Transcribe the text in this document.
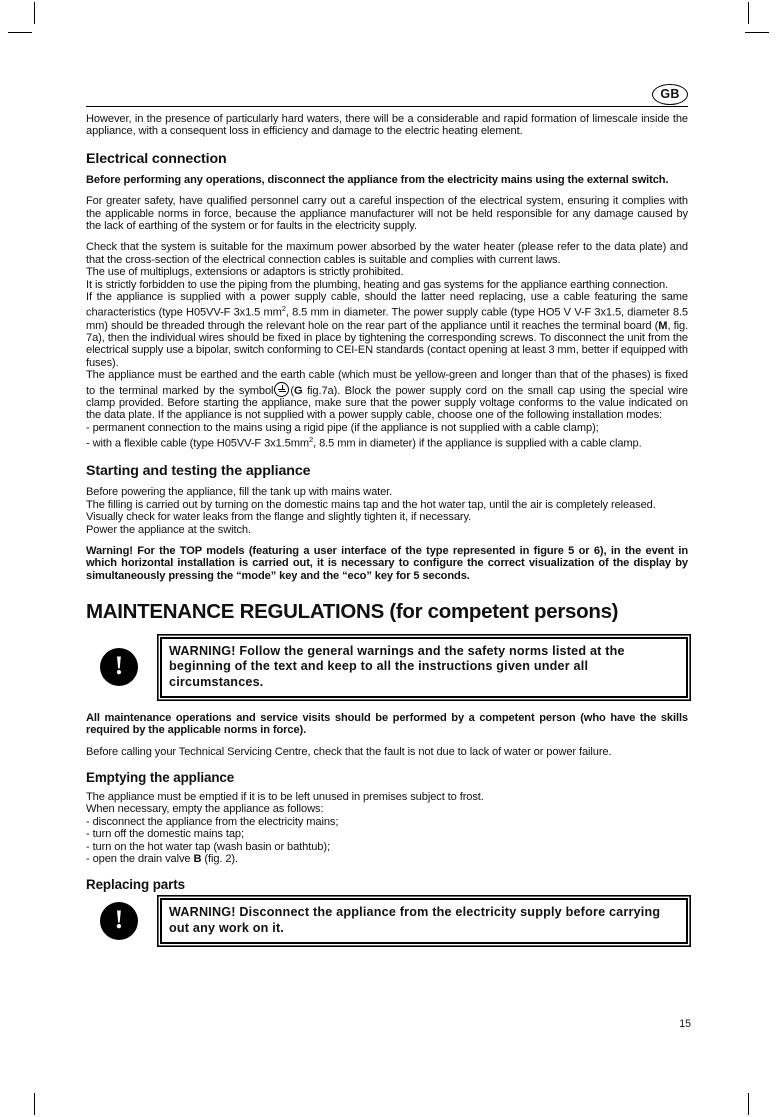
GB

However, in the presence of particularly hard waters, there will be a considerable and rapid formation of limescale inside the appliance, with a consequent loss in efficiency and damage to the electric heating element.

Electrical connection

Before performing any operations, disconnect the appliance from the electricity mains using the external switch.

For greater safety, have qualified personnel carry out a careful inspection of the electrical system, ensuring it complies with the applicable norms in force, because the appliance manufacturer will not be held responsible for any damage caused by the lack of earthing of the system or for faults in the electricity supply.

Check that the system is suitable for the maximum power absorbed by the water heater (please refer to the data plate) and that the cross-section of the electrical connection cables is suitable and complies with current laws.

The use of multiplugs, extensions or adaptors is strictly prohibited.

It is strictly forbidden to use the piping from the plumbing, heating and gas systems for the appliance earthing connection.

If the appliance is supplied with a power supply cable, should the latter need replacing, use a cable featuring the same characteristics (type H05VV-F 3x1.5 $mm^2$, 8.5 mm in diameter. The power supply cable (type HO5 V V-F 3x1.5, diameter 8.5 mm) should be threaded through the relevant hole on the rear part of the appliance until it reaches the terminal board (M, fig. 7a), then the individual wires should be fixed in place by tightening the corresponding screws. To disconnect the unit from the electrical supply use a bipolar, switch conforming to CEI-EN standards (contact opening at least 3 mm, better if equipped with fuses).

The appliance must be earthed and the earth cable (which must be yellow-green and longer than that of the phases) is fixed to the terminal marked by the symbol (G fig.7a). Block the power supply cord on the small cap using the special wire clamp provided. Before starting the appliance, make sure that the power supply voltage conforms to the value indicated on the data plate. If the appliance is not supplied with a power supply cable, choose one of the following installation modes:

- permanent connection to the mains using a rigid pipe (if the appliance is not supplied with a cable clamp);

- with a flexible cable (type H05VV-F $3x1.5mm^2$, 8.5 mm in diameter) if the appliance is supplied with a cable clamp.

Starting and testing the appliance

Before powering the appliance, fill the tank up with mains water.

The filling is carried out by turning on the domestic mains tap and the hot water tap, until the air is completely released.

Visually check for water leaks from the flange and slightly tighten it, if necessary.

Power the appliance at the switch.

Warning! For the TOP models (featuring a user interface of the type represented in figure 5 or 6), in the event in which horizontal installation is carried out, it is necessary to configure the correct visualization of the display by simultaneously pressing the “mode” key and the “eco” key for 5 seconds.

MAINTENANCE REGULATIONS (for competent persons)
!

WARNING! Follow the general warnings and the safety norms listed at the beginning of the text and keep to all the instructions given under all circumstances.

All maintenance operations and service visits should be performed by a competent person (who have the skills required by the applicable norms in force).

Before calling your Technical Servicing Centre, check that the fault is not due to lack of water or power failure.

Emptying the appliance

The appliance must be emptied if it is to be left unused in premises subject to frost.

When necessary, empty the appliance as follows:

- disconnect the appliance from the electricity mains;

- turn off the domestic mains tap;

- turn on the hot water tap (wash basin or bathtub);

- open the drain valve B (fig. 2).

Replacing parts
!	WARNING! Disconnect the appliance from the electricity supply before carrying out any work on it.

15
